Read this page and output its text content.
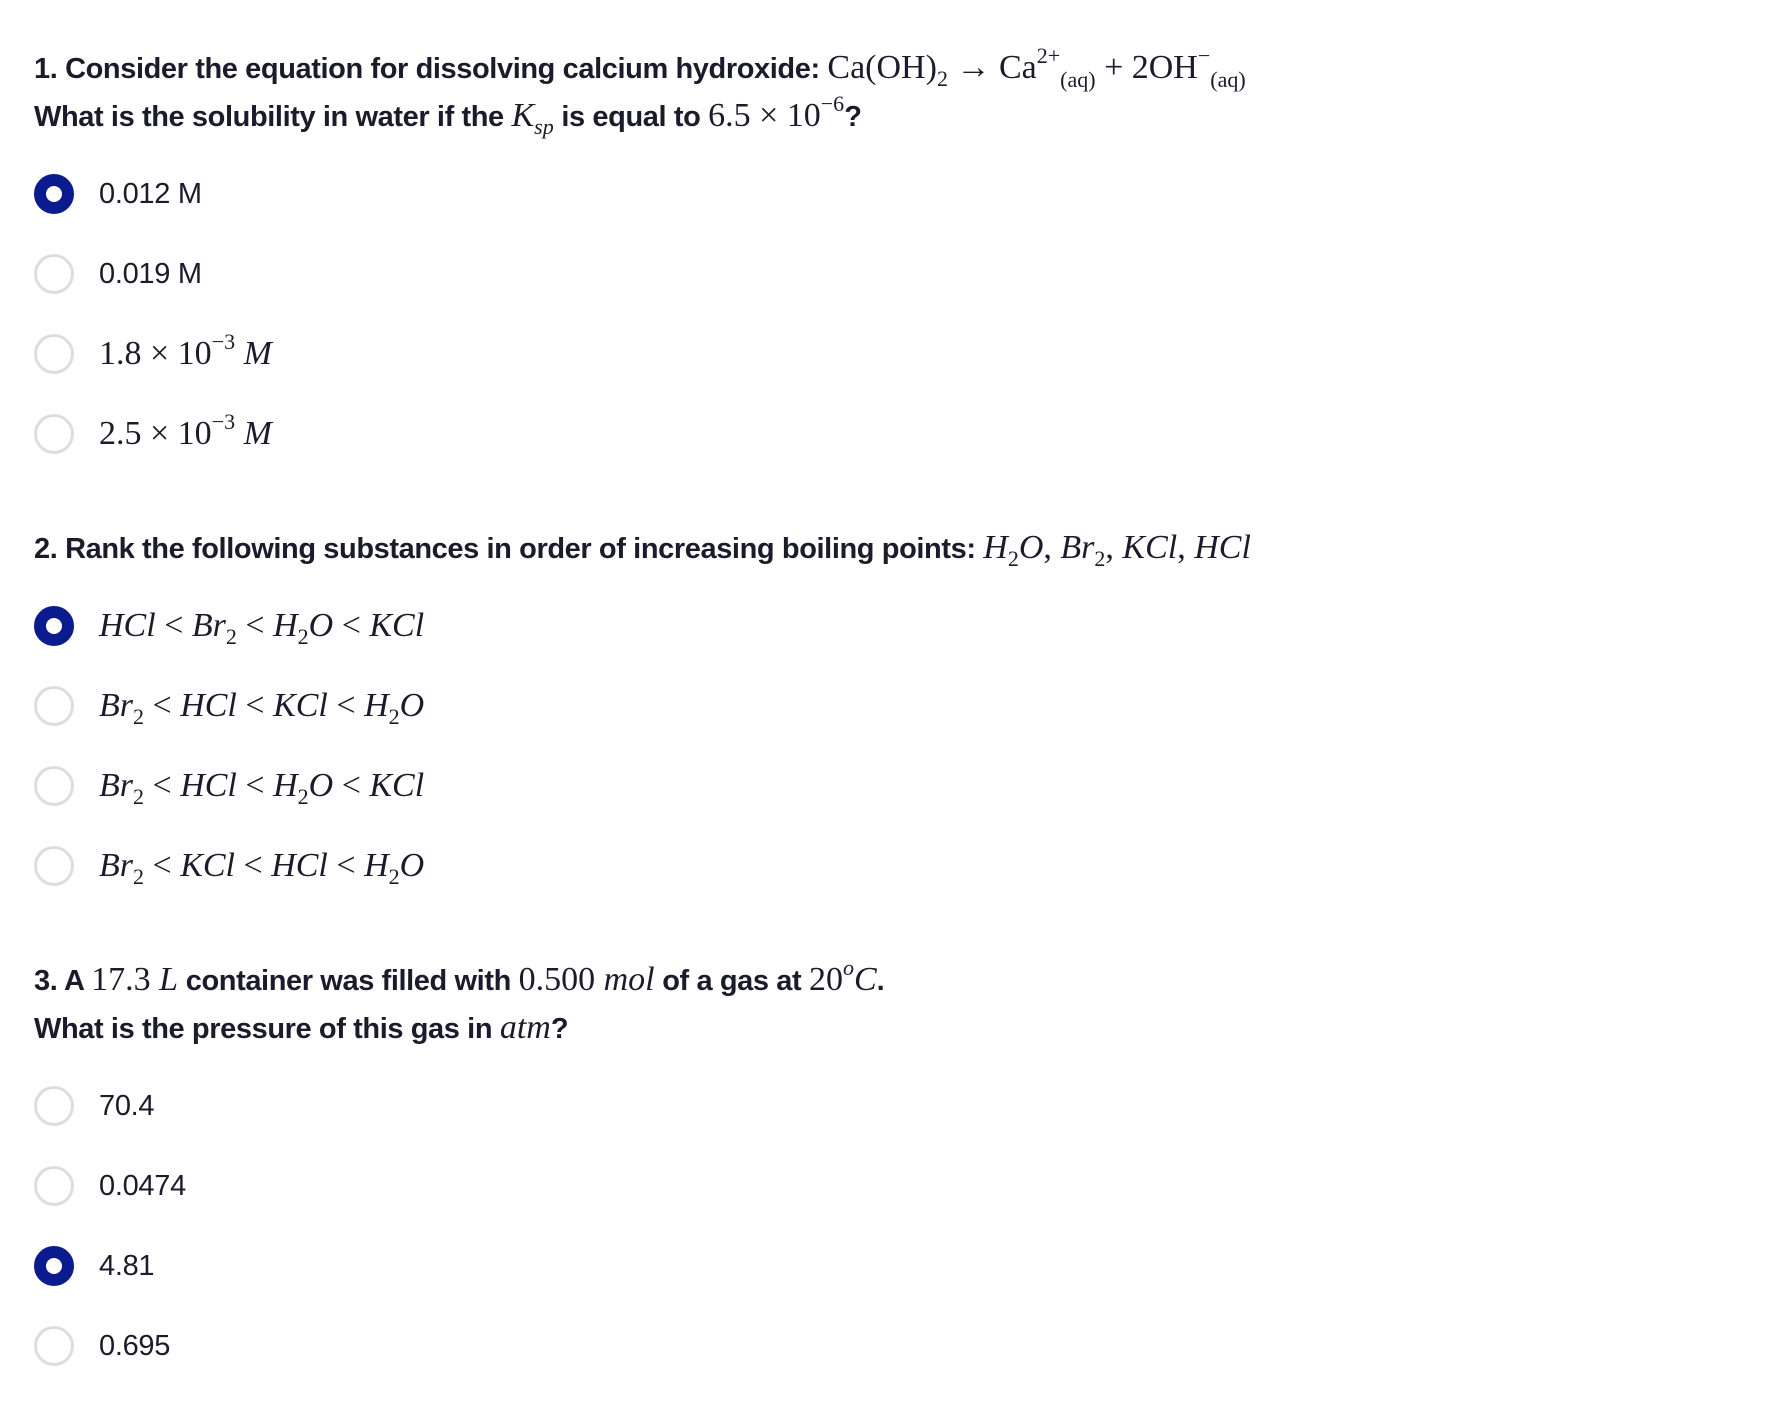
1. Consider the equation for dissolving calcium hydroxide: $Ca(OH)_2 \to Ca^{2+}_{(aq)} + 2OH^-_{(aq)}$
What is the solubility in water if the $K_{sp}$ is equal to $6.5 \times 10^{-6}$?
0.012 M
0.019 M
$1.8 \times 10^{-3}$ M
$2.5 \times 10^{-3}$ M
2. Rank the following substances in order of increasing boiling points: $H_2O$, $Br_2$, KCl, HCl
HCl < $Br_2 < H_2O$ < KCl
$Br_2$ < HCl < KCl < $H_2O$
$Br_2$ < HCl < $H_2O$ < KCl
$Br_2$ < KCl < HCl < $H_2O$
3. A 17.3 L container was filled with 0.500 mol of a gas at 20$^o$C.
What is the pressure of this gas in atm?
70.4
0.0474
4.81
0.695
